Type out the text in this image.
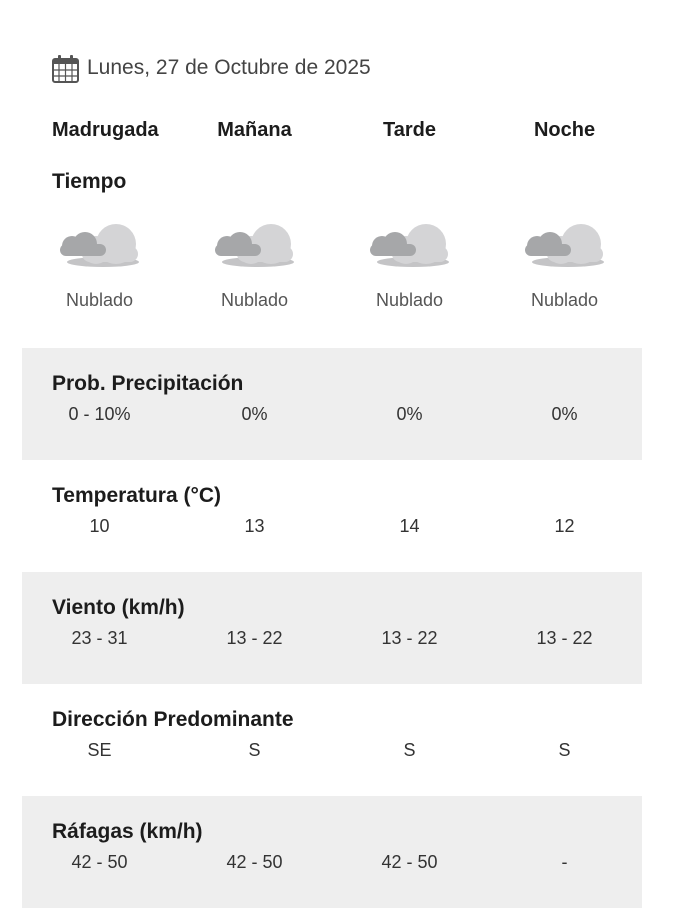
Lunes, 27 de Octubre de 2025
Madrugada	Mañana	Tarde	Noche
Tiempo
Nublado	Nublado	Nublado	Nublado
Prob. Precipitación
0 - 10%	0%	0%	0%
Temperatura (°C)
10	13	14	12
Viento (km/h)
23 - 31	13 - 22	13 - 22	13 - 22
Dirección Predominante
SE	S	S	S
Ráfagas (km/h)
42 - 50	42 - 50	42 - 50	-
